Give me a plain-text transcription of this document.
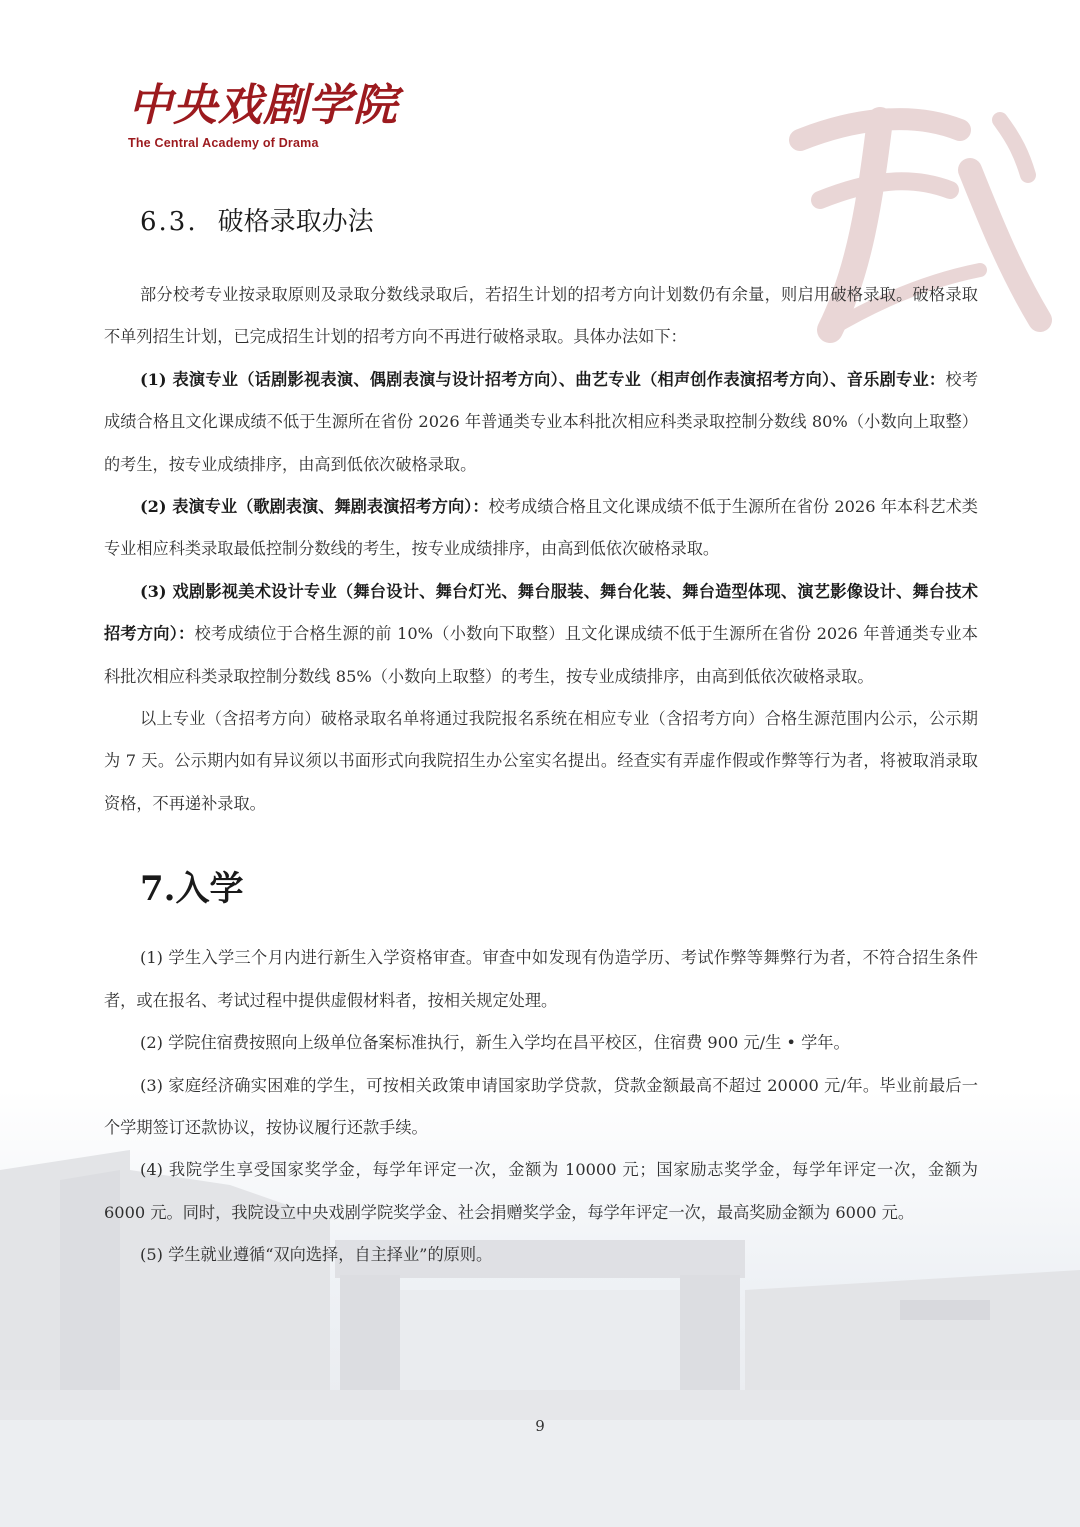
中央戏剧学院
The Central Academy of Drama
6.3. 破格录取办法

部分校考专业按录取原则及录取分数线录取后，若招生计划的招考方向计划数仍有余量，则启用破格录取。破格录取不单列招生计划，已完成招生计划的招考方向不再进行破格录取。具体办法如下：

(1) 表演专业（话剧影视表演、偶剧表演与设计招考方向）、曲艺专业（相声创作表演招考方向）、音乐剧专业：校考成绩合格且文化课成绩不低于生源所在省份 2026 年普通类专业本科批次相应科类录取控制分数线 80%（小数向上取整）的考生，按专业成绩排序，由高到低依次破格录取。

(2) 表演专业（歌剧表演、舞剧表演招考方向）：校考成绩合格且文化课成绩不低于生源所在省份 2026 年本科艺术类专业相应科类录取最低控制分数线的考生，按专业成绩排序，由高到低依次破格录取。

(3) 戏剧影视美术设计专业（舞台设计、舞台灯光、舞台服装、舞台化装、舞台造型体现、演艺影像设计、舞台技术招考方向）：校考成绩位于合格生源的前 10%（小数向下取整）且文化课成绩不低于生源所在省份 2026 年普通类专业本科批次相应科类录取控制分数线 85%（小数向上取整）的考生，按专业成绩排序，由高到低依次破格录取。

以上专业（含招考方向）破格录取名单将通过我院报名系统在相应专业（含招考方向）合格生源范围内公示，公示期为 7 天。公示期内如有异议须以书面形式向我院招生办公室实名提出。经查实有弄虚作假或作弊等行为者，将被取消录取资格，不再递补录取。

7.入学

(1) 学生入学三个月内进行新生入学资格审查。审查中如发现有伪造学历、考试作弊等舞弊行为者，不符合招生条件者，或在报名、考试过程中提供虚假材料者，按相关规定处理。

(2) 学院住宿费按照向上级单位备案标准执行，新生入学均在昌平校区，住宿费 900 元/生 • 学年。

(3) 家庭经济确实困难的学生，可按相关政策申请国家助学贷款，贷款金额最高不超过 20000 元/年。毕业前最后一个学期签订还款协议，按协议履行还款手续。

(4) 我院学生享受国家奖学金，每学年评定一次，金额为 10000 元；国家励志奖学金，每学年评定一次，金额为 6000 元。同时，我院设立中央戏剧学院奖学金、社会捐赠奖学金，每学年评定一次，最高奖励金额为 6000 元。

(5) 学生就业遵循“双向选择，自主择业”的原则。

9
